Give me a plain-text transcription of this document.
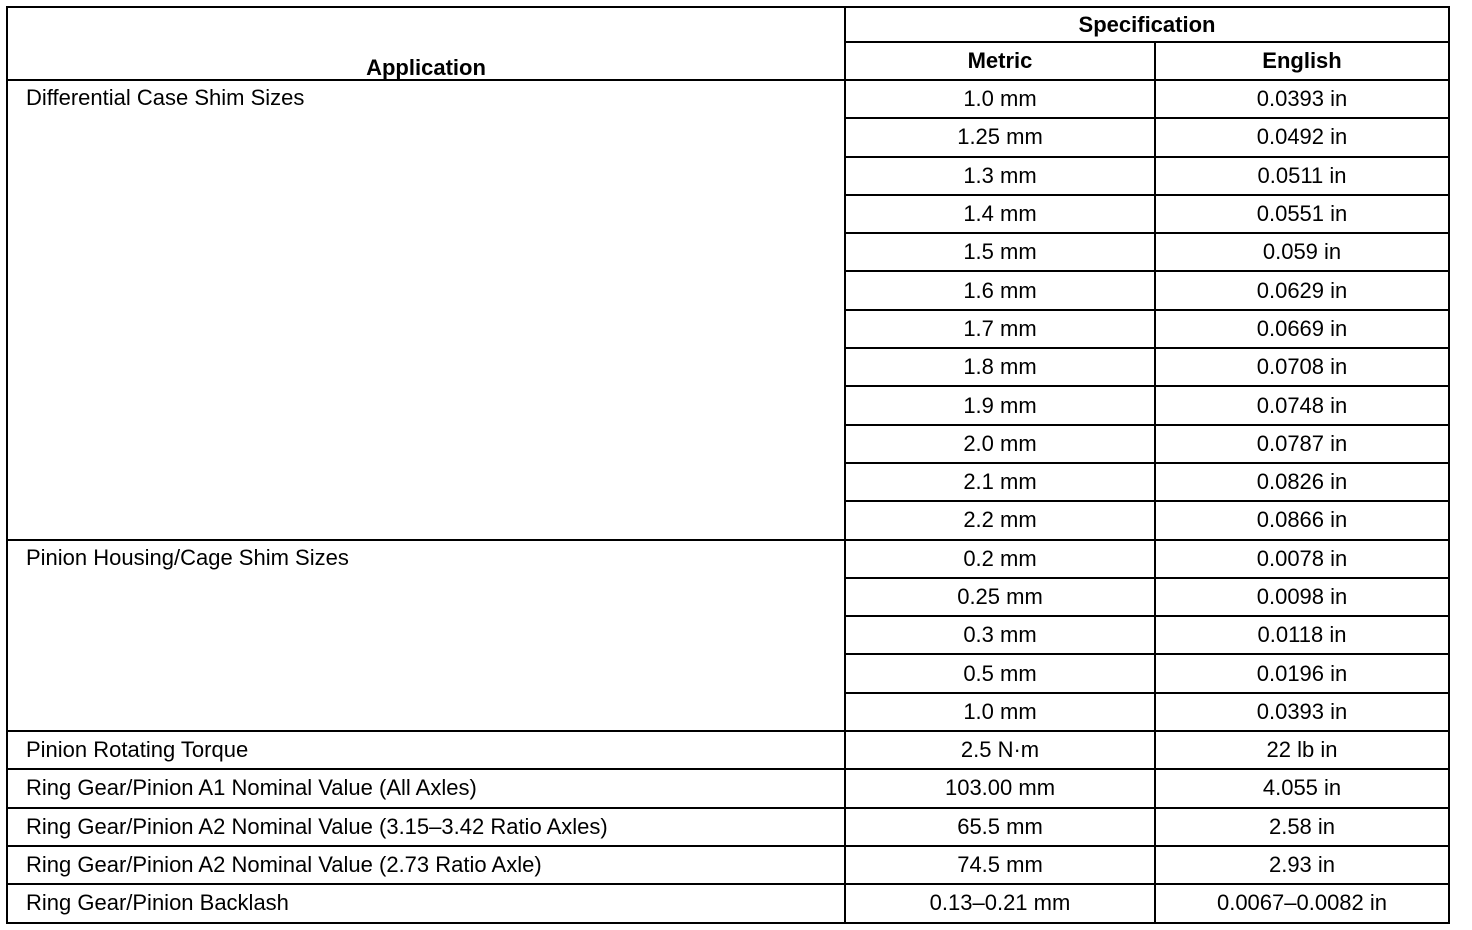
Application	Specification	
	Metric	English
Differential Case Shim Sizes	1.0 mm	0.0393 in
	1.25 mm	0.0492 in
	1.3 mm	0.0511 in
	1.4 mm	0.0551 in
	1.5 mm	0.059 in
	1.6 mm	0.0629 in
	1.7 mm	0.0669 in
	1.8 mm	0.0708 in
	1.9 mm	0.0748 in
	2.0 mm	0.0787 in
	2.1 mm	0.0826 in
	2.2 mm	0.0866 in
Pinion Housing/Cage Shim Sizes	0.2 mm	0.0078 in
	0.25 mm	0.0098 in
	0.3 mm	0.0118 in
	0.5 mm	0.0196 in
	1.0 mm	0.0393 in
Pinion Rotating Torque	2.5 N·m	22 lb in
Ring Gear/Pinion A1 Nominal Value (All Axles)	103.00 mm	4.055 in
Ring Gear/Pinion A2 Nominal Value (3.15–3.42 Ratio Axles)	65.5 mm	2.58 in
Ring Gear/Pinion A2 Nominal Value (2.73 Ratio Axle)	74.5 mm	2.93 in
Ring Gear/Pinion Backlash	0.13–0.21 mm	0.0067–0.0082 in
